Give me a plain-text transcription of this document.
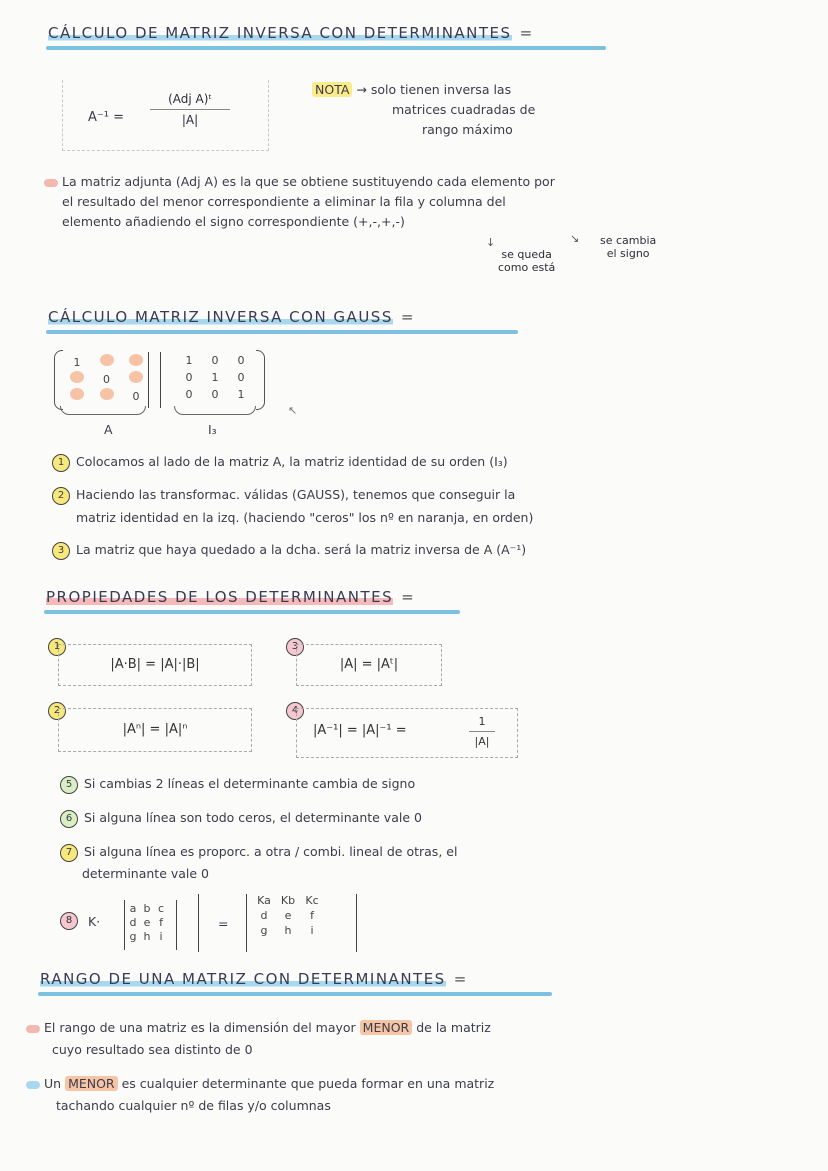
CÁLCULO DE MATRIZ INVERSA CON DETERMINANTES =
A⁻¹ =
(Adj A)ᵗ
|A|
NOTA → solo tienen inversa las
matrices cuadradas de
rango máximo
La matriz adjunta (Adj A) es la que se obtiene sustituyendo cada elemento por
el resultado del menor correspondiente a eliminar la fila y columna del
elemento añadiendo el signo correspondiente (+,-,+,-)
↓
se queda
como está
↘ se cambia
el signo
CÁLCULO MATRIZ INVERSA CON GAUSS =
1
0
0
1 0 0
0 1 0
0 0 1
A	I₃
↖
1 Colocamos al lado de la matriz A, la matriz identidad de su orden (I₃)
2 Haciendo las transformac. válidas (GAUSS), tenemos que conseguir la
matriz identidad en la izq. (haciendo "ceros" los nº en naranja, en orden)
3 La matriz que haya quedado a la dcha. será la matriz inversa de A (A⁻¹)
PROPIEDADES DE LOS DETERMINANTES =
1
|A·B| = |A|·|B|
2
|Aⁿ| = |A|ⁿ
3
|A| = |Aᵗ|
4
|A⁻¹| = |A|⁻¹ =
1
|A|
5 Si cambias 2 líneas el determinante cambia de signo
6 Si alguna línea son todo ceros, el determinante vale 0
7 Si alguna línea es proporc. a otra / combi. lineal de otras, el
determinante vale 0
8	K·
a b c
d e f
g h i
=
Ka Kb Kc
d e f
g h i
RANGO DE UNA MATRIZ CON DETERMINANTES =
El rango de una matriz es la dimensión del mayor MENOR de la matriz
cuyo resultado sea distinto de 0
Un MENOR es cualquier determinante que pueda formar en una matriz
tachando cualquier nº de filas y/o columnas
